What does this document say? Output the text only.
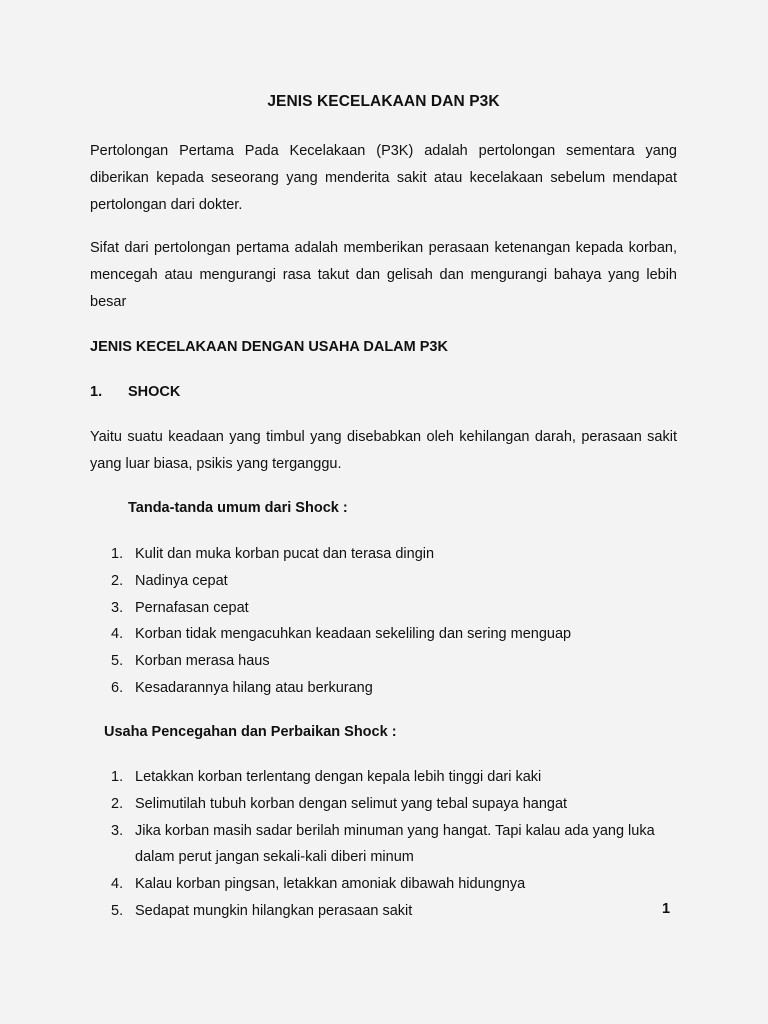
JENIS KECELAKAAN DAN P3K
Pertolongan Pertama Pada Kecelakaan (P3K) adalah pertolongan sementara yang diberikan kepada seseorang yang menderita sakit atau kecelakaan sebelum mendapat pertolongan dari dokter.
Sifat dari pertolongan pertama adalah memberikan perasaan ketenangan kepada korban, mencegah atau mengurangi rasa takut dan gelisah dan mengurangi bahaya yang lebih besar
JENIS KECELAKAAN DENGAN USAHA DALAM P3K
1. SHOCK
Yaitu suatu keadaan yang timbul yang disebabkan oleh kehilangan darah, perasaan sakit yang luar biasa, psikis yang terganggu.
Tanda-tanda umum dari Shock :
1. Kulit dan muka korban pucat dan terasa dingin
2. Nadinya cepat
3. Pernafasan cepat
4. Korban tidak mengacuhkan keadaan sekeliling dan sering menguap
5. Korban merasa haus
6. Kesadarannya hilang atau berkurang
Usaha Pencegahan dan Perbaikan Shock :
1. Letakkan korban terlentang dengan kepala lebih tinggi dari kaki
2. Selimutilah tubuh korban dengan selimut yang tebal supaya hangat
3. Jika korban masih sadar berilah minuman yang hangat. Tapi kalau ada yang luka dalam perut jangan sekali-kali diberi minum
4. Kalau korban pingsan, letakkan amoniak dibawah hidungnya
5. Sedapat mungkin hilangkan perasaan sakit	1
